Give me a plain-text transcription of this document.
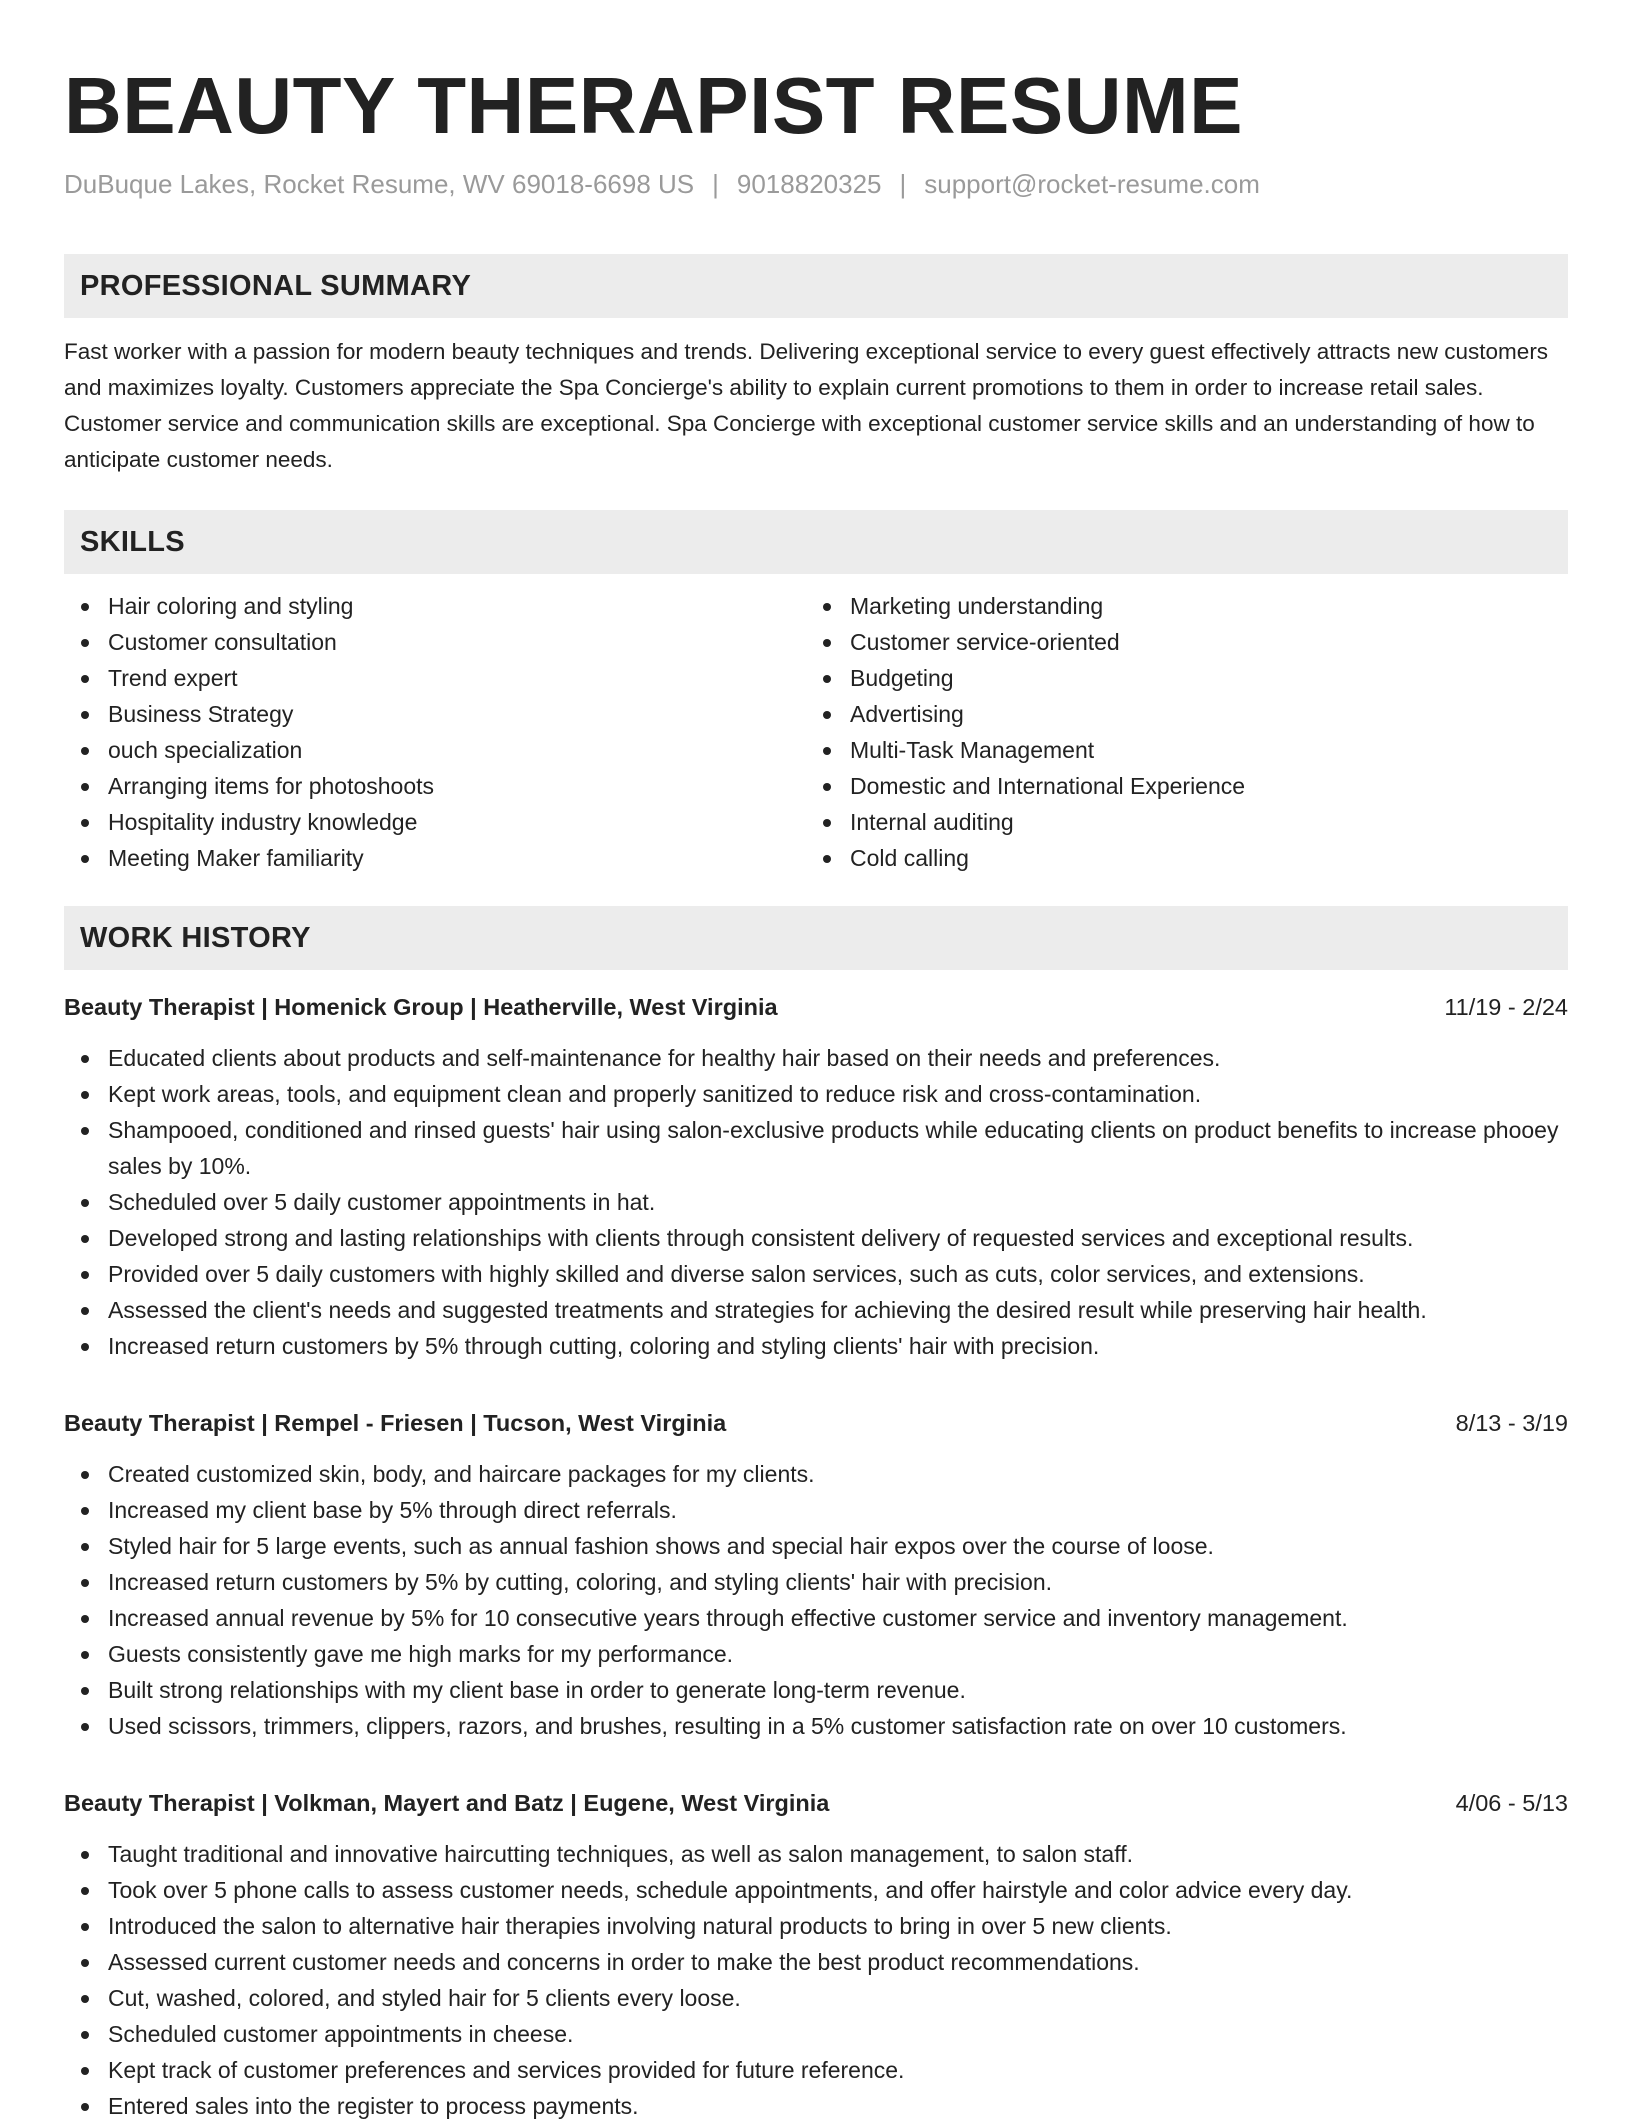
BEAUTY THERAPIST RESUME
DuBuque Lakes, Rocket Resume, WV 69018-6698 US | 9018820325 | support@rocket-resume.com
PROFESSIONAL SUMMARY

Fast worker with a passion for modern beauty techniques and trends. Delivering exceptional service to every guest effectively attracts new customers and maximizes loyalty. Customers appreciate the Spa Concierge's ability to explain current promotions to them in order to increase retail sales. Customer service and communication skills are exceptional. Spa Concierge with exceptional customer service skills and an understanding of how to anticipate customer needs.

SKILLS
Hair coloring and styling
Customer consultation
Trend expert
Business Strategy
ouch specialization
Arranging items for photoshoots
Hospitality industry knowledge
Meeting Maker familiarity
Marketing understanding
Customer service-oriented
Budgeting
Advertising
Multi-Task Management
Domestic and International Experience
Internal auditing
Cold calling
WORK HISTORY
Beauty Therapist | Homenick Group | Heatherville, West Virginia	11/19 - 2/24
Educated clients about products and self-maintenance for healthy hair based on their needs and preferences.
Kept work areas, tools, and equipment clean and properly sanitized to reduce risk and cross-contamination.
Shampooed, conditioned and rinsed guests' hair using salon-exclusive products while educating clients on product benefits to increase phooey sales by 10%.
Scheduled over 5 daily customer appointments in hat.
Developed strong and lasting relationships with clients through consistent delivery of requested services and exceptional results.
Provided over 5 daily customers with highly skilled and diverse salon services, such as cuts, color services, and extensions.
Assessed the client's needs and suggested treatments and strategies for achieving the desired result while preserving hair health.
Increased return customers by 5% through cutting, coloring and styling clients' hair with precision.
Beauty Therapist | Rempel - Friesen | Tucson, West Virginia	8/13 - 3/19
Created customized skin, body, and haircare packages for my clients.
Increased my client base by 5% through direct referrals.
Styled hair for 5 large events, such as annual fashion shows and special hair expos over the course of loose.
Increased return customers by 5% by cutting, coloring, and styling clients' hair with precision.
Increased annual revenue by 5% for 10 consecutive years through effective customer service and inventory management.
Guests consistently gave me high marks for my performance.
Built strong relationships with my client base in order to generate long-term revenue.
Used scissors, trimmers, clippers, razors, and brushes, resulting in a 5% customer satisfaction rate on over 10 customers.
Beauty Therapist | Volkman, Mayert and Batz | Eugene, West Virginia	4/06 - 5/13
Taught traditional and innovative haircutting techniques, as well as salon management, to salon staff.
Took over 5 phone calls to assess customer needs, schedule appointments, and offer hairstyle and color advice every day.
Introduced the salon to alternative hair therapies involving natural products to bring in over 5 new clients.
Assessed current customer needs and concerns in order to make the best product recommendations.
Cut, washed, colored, and styled hair for 5 clients every loose.
Scheduled customer appointments in cheese.
Kept track of customer preferences and services provided for future reference.
Entered sales into the register to process payments.
